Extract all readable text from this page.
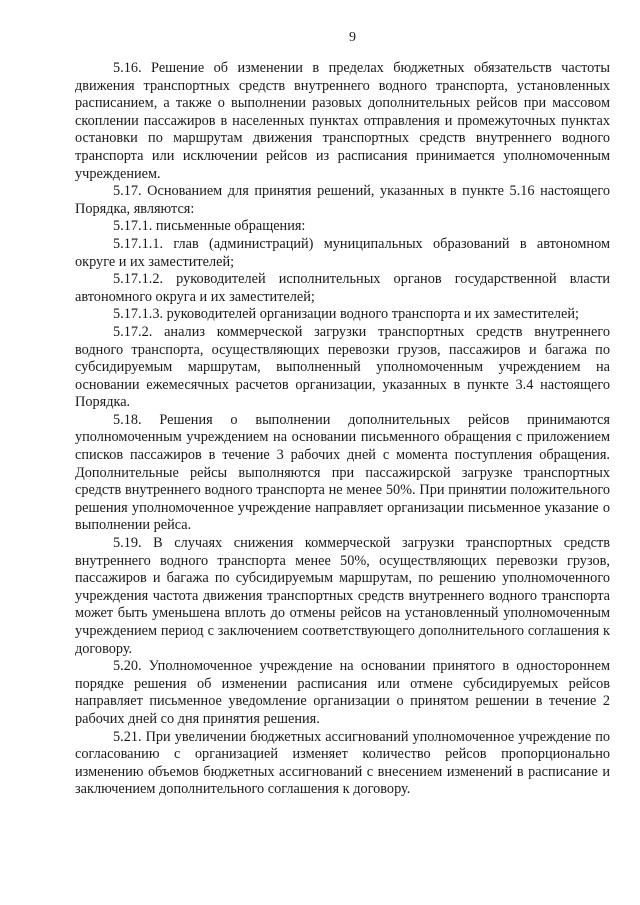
9

5.16. Решение об изменении в пределах бюджетных обязательств частоты движения транспортных средств внутреннего водного транспорта, установленных расписанием, а также о выполнении разовых дополнительных рейсов при массовом скоплении пассажиров в населенных пунктах отправления и промежуточных пунктах остановки по маршрутам движения транспортных средств внутреннего водного транспорта или исключении рейсов из расписания принимается уполномоченным учреждением.

5.17. Основанием для принятия решений, указанных в пункте 5.16 настоящего Порядка, являются:

5.17.1. письменные обращения:

5.17.1.1. глав (администраций) муниципальных образований в автономном округе и их заместителей;

5.17.1.2. руководителей исполнительных органов государственной власти автономного округа и их заместителей;

5.17.1.3. руководителей организации водного транспорта и их заместителей;

5.17.2. анализ коммерческой загрузки транспортных средств внутреннего водного транспорта, осуществляющих перевозки грузов, пассажиров и багажа по субсидируемым маршрутам, выполненный уполномоченным учреждением на основании ежемесячных расчетов организации, указанных в пункте 3.4 настоящего Порядка.

5.18. Решения о выполнении дополнительных рейсов принимаются уполномоченным учреждением на основании письменного обращения с приложением списков пассажиров в течение 3 рабочих дней с момента поступления обращения. Дополнительные рейсы выполняются при пассажирской загрузке транспортных средств внутреннего водного транспорта не менее 50%. При принятии положительного решения уполномоченное учреждение направляет организации письменное указание о выполнении рейса.

5.19. В случаях снижения коммерческой загрузки транспортных средств внутреннего водного транспорта менее 50%, осуществляющих перевозки грузов, пассажиров и багажа по субсидируемым маршрутам, по решению уполномоченного учреждения частота движения транспортных средств внутреннего водного транспорта может быть уменьшена вплоть до отмены рейсов на установленный уполномоченным учреждением период с заключением соответствующего дополнительного соглашения к договору.

5.20. Уполномоченное учреждение на основании принятого в одностороннем порядке решения об изменении расписания или отмене субсидируемых рейсов направляет письменное уведомление организации о принятом решении в течение 2 рабочих дней со дня принятия решения.

5.21. При увеличении бюджетных ассигнований уполномоченное учреждение по согласованию с организацией изменяет количество рейсов пропорционально изменению объемов бюджетных ассигнований с внесением изменений в расписание и заключением дополнительного соглашения к договору.
